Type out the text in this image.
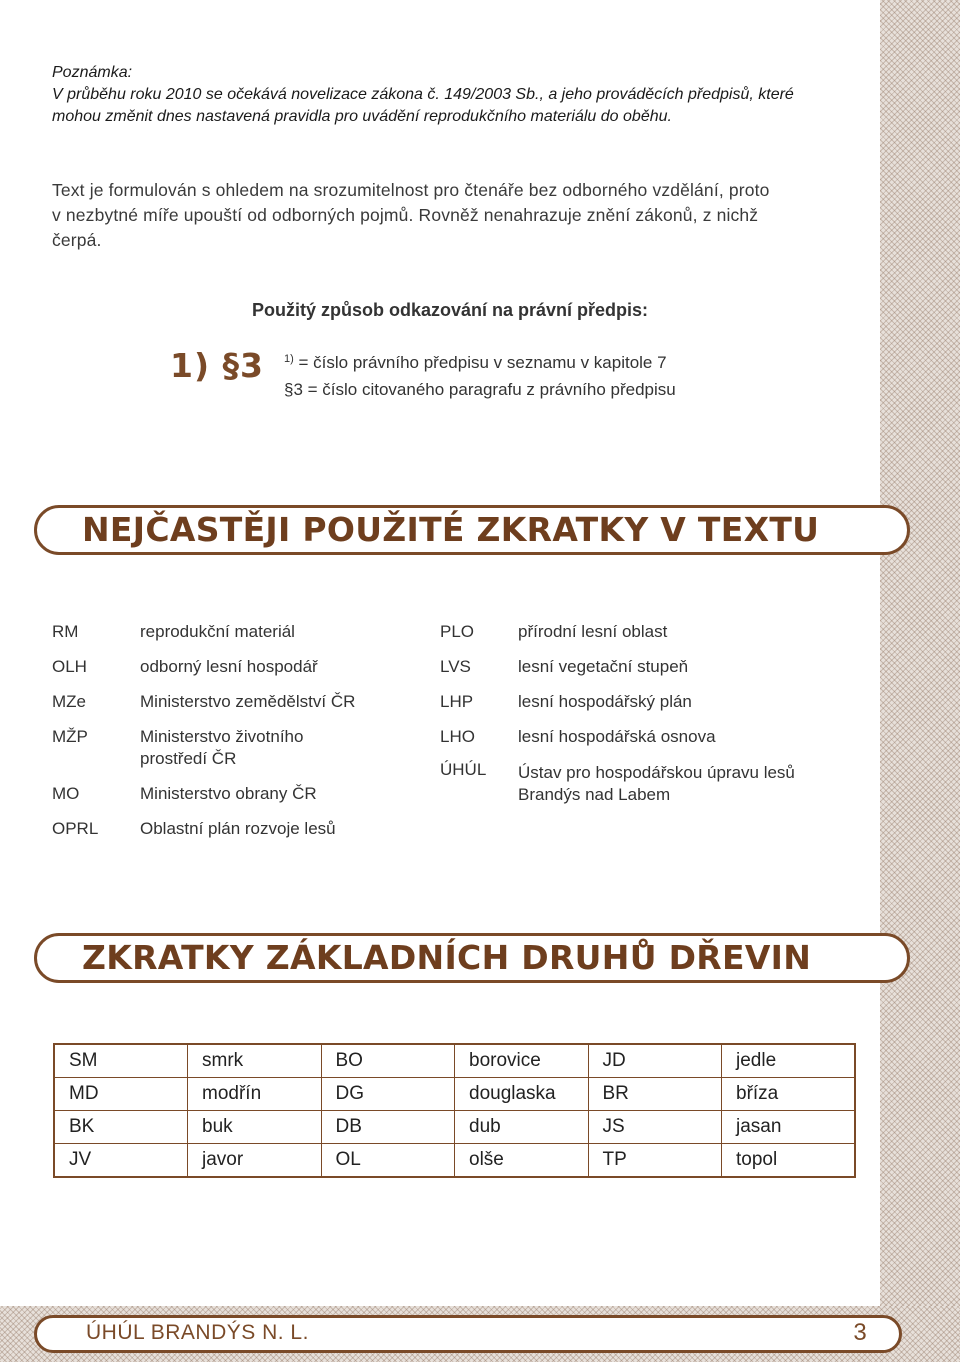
Poznámka:
V průběhu roku 2010 se očekává novelizace zákona č. 149/2003 Sb., a jeho prováděcích předpisů, které
mohou změnit dnes nastavená pravidla pro uvádění reprodukčního materiálu do oběhu.
Text je formulován s ohledem na srozumitelnost pro čtenáře bez odborného vzdělání, proto
v nezbytné míře upouští od odborných pojmů. Rovněž nenahrazuje znění zákonů, z nichž
čerpá.
Použitý způsob odkazování na právní předpis:
1) §3 $^{1)}$ = číslo právního předpisu v seznamu v kapitole 7
§3 = číslo citovaného paragrafu z právního předpisu
NEJČASTĚJI POUŽITÉ ZKRATKY V TEXTU
RM	reprodukční materiál
OLH	odborný lesní hospodář
MZe	Ministerstvo zemědělství ČR
MŽP	Ministerstvo životního
prostředí ČR
MO	Ministerstvo obrany ČR
OPRL Oblastní plán rozvoje lesů
PLO	přírodní lesní oblast
LVS	lesní vegetační stupeň
LHP	lesní hospodářský plán
LHO	lesní hospodářská osnova
ÚHÚL Ústav pro hospodářskou úpravu lesů
Brandýs nad Labem
ZKRATKY ZÁKLADNÍCH DRUHŮ DŘEVIN
SM	smrk	BO	borovice	JD	jedle
MD	modřín	DG	douglaska	BR	bříza
BK	buk	DB	dub	JS	jasan
JV	javor	OL	olše	TP	topol
ÚHÚL BRANDÝS N. L.	3
